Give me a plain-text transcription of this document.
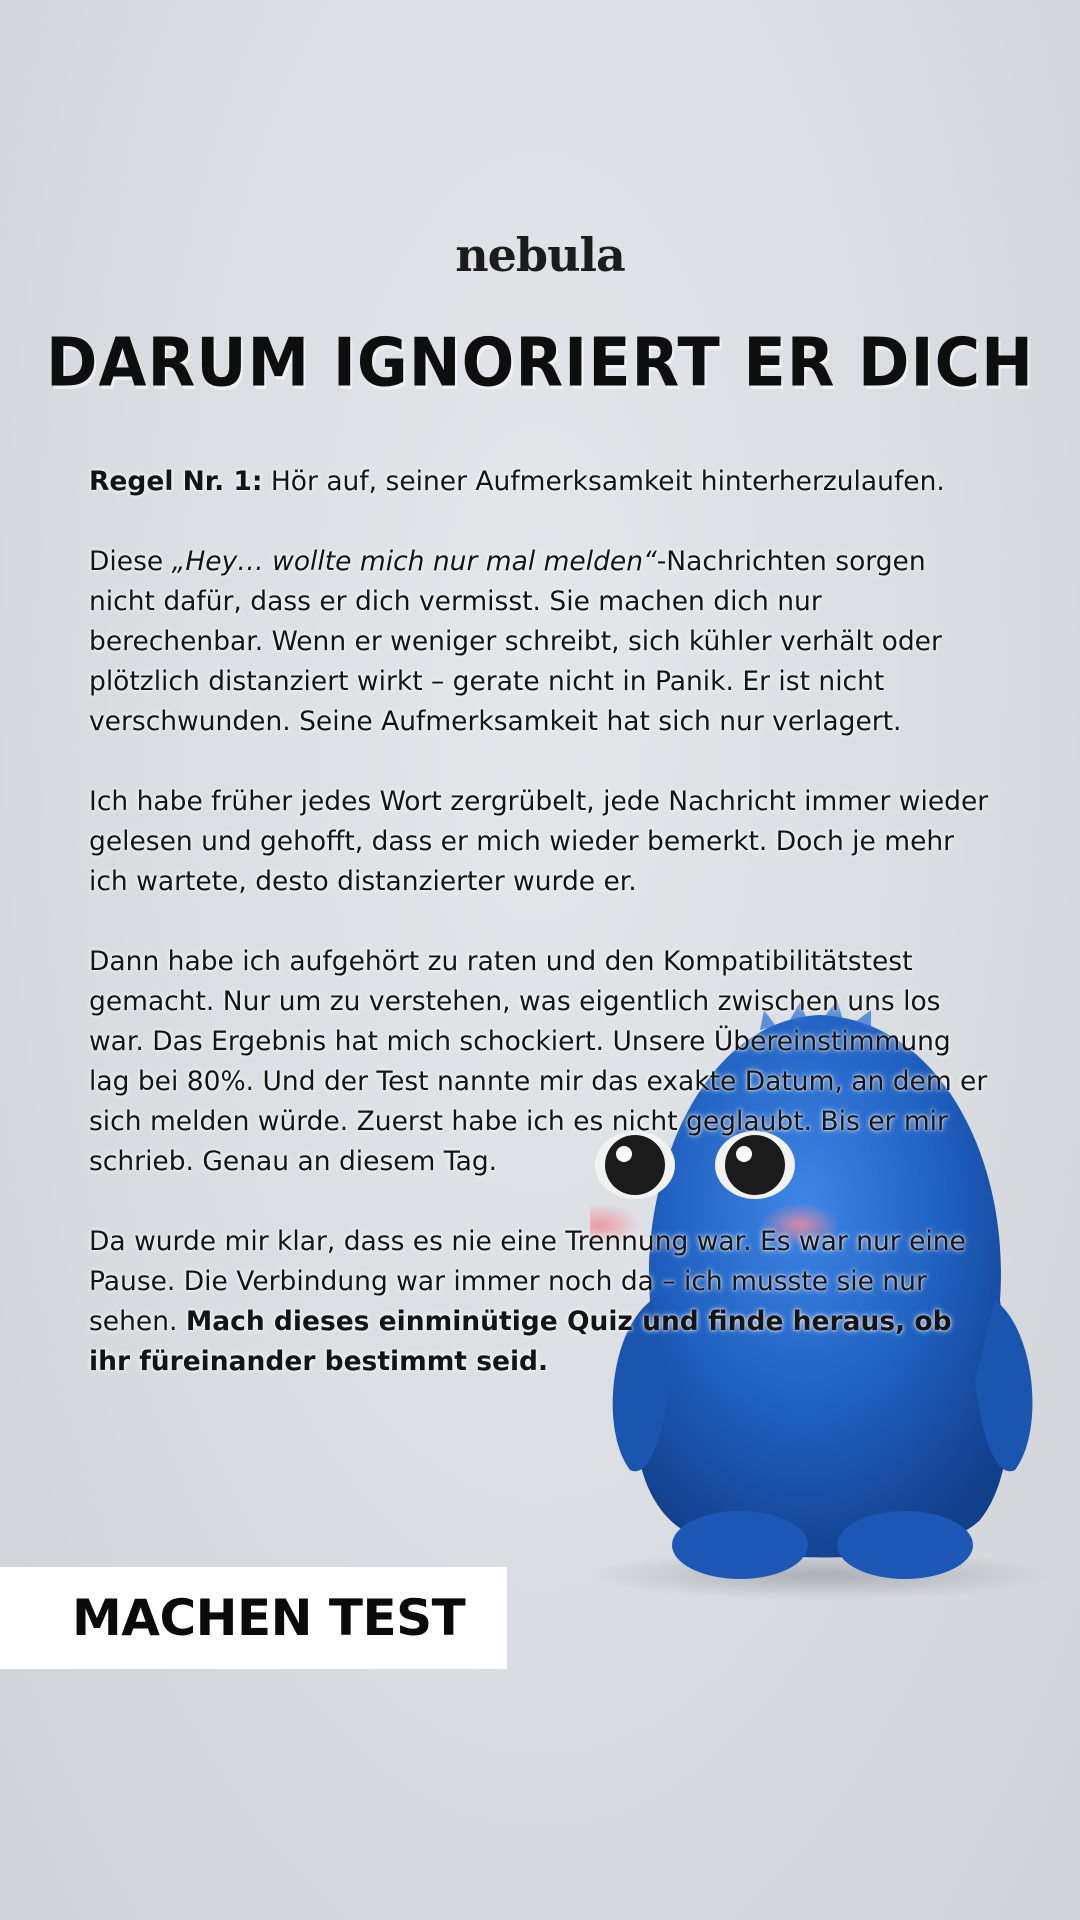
nebula
DARUM IGNORIERT ER DICH

Regel Nr. 1: Hör auf, seiner Aufmerksamkeit hinterherzulaufen.

Diese „Hey… wollte mich nur mal melden“-Nachrichten sorgen nicht dafür, dass er dich vermisst. Sie machen dich nur berechenbar. Wenn er weniger schreibt, sich kühler verhält oder plötzlich distanziert wirkt – gerate nicht in Panik. Er ist nicht verschwunden. Seine Aufmerksamkeit hat sich nur verlagert.

Ich habe früher jedes Wort zergrübelt, jede Nachricht immer wieder gelesen und gehofft, dass er mich wieder bemerkt. Doch je mehr ich wartete, desto distanzierter wurde er.

Dann habe ich aufgehört zu raten und den Kompatibilitätstest gemacht. Nur um zu verstehen, was eigentlich zwischen uns los war. Das Ergebnis hat mich schockiert. Unsere Übereinstimmung lag bei 80%. Und der Test nannte mir das exakte Datum, an dem er sich melden würde. Zuerst habe ich es nicht geglaubt. Bis er mir schrieb. Genau an diesem Tag.

Da wurde mir klar, dass es nie eine Trennung war. Es war nur eine Pause. Die Verbindung war immer noch da – ich musste sie nur sehen. Mach dieses einminütige Quiz und finde heraus, ob ihr füreinander bestimmt seid.

MACHEN TEST
